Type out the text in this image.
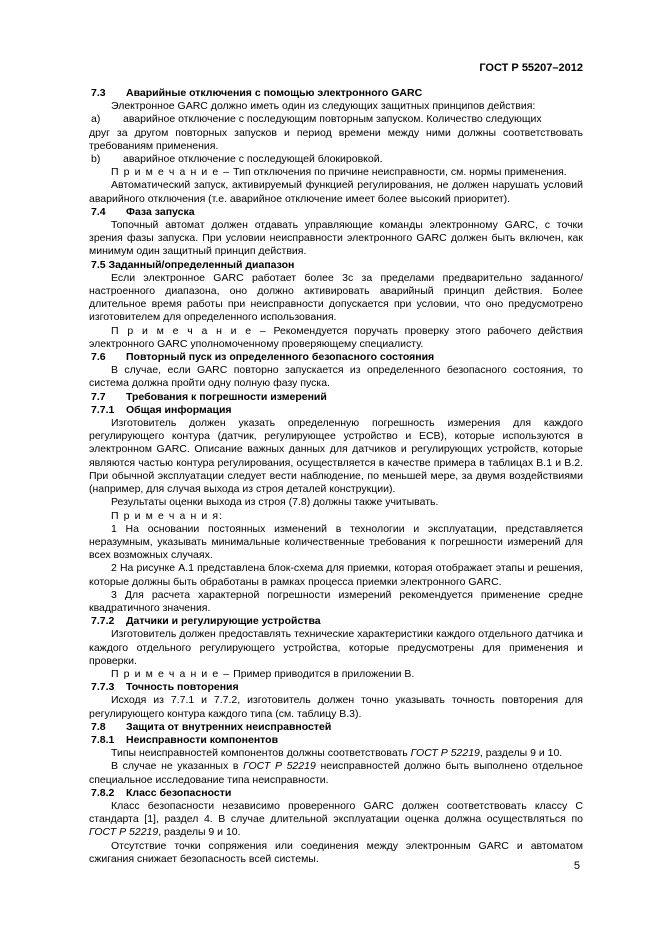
ГОСТ Р 55207–2012

7.3 Аварийные отключения с помощью электронного GARC

Электронное GARC должно иметь один из следующих защитных принципов действия:

a) аварийное отключение с последующим повторным запуском. Количество следующих

друг за другом повторных запусков и период времени между ними должны соответствовать требованиям применения.

b) аварийное отключение с последующей блокировкой.

П р и м е ч а н и е – Тип отключения по причине неисправности, см. нормы применения.

Автоматический запуск, активируемый функцией регулирования, не должен нарушать условий аварийного отключения (т.е. аварийное отключение имеет более высокий приоритет).

7.4 Фаза запуска

Топочный автомат должен отдавать управляющие команды электронному GARC, с точки зрения фазы запуска. При условии неисправности электронного GARC должен быть включен, как минимум один защитный принцип действия.

7.5 Заданный/определенный диапазон

Если электронное GARC работает более 3с за пределами предварительно заданного/настроенного диапазона, оно должно активировать аварийный принцип действия. Более длительное время работы при неисправности допускается при условии, что оно предусмотрено изготовителем для определенного использования.

П р и м е ч а н и е – Рекомендуется поручать проверку этого рабочего действия электронного GARC уполномоченному проверяющему специалисту.

7.6 Повторный пуск из определенного безопасного состояния

В случае, если GARC повторно запускается из определенного безопасного состояния, то система должна пройти одну полную фазу пуска.

7.7 Требования к погрешности измерений

7.7.1 Общая информация

Изготовитель должен указать определенную погрешность измерения для каждого регулирующего контура (датчик, регулирующее устройство и ECB), которые используются в электронном GARC. Описание важных данных для датчиков и регулирующих устройств, которые являются частью контура регулирования, осуществляется в качестве примера в таблицах В.1 и В.2. При обычной эксплуатации следует вести наблюдение, по меньшей мере, за двумя воздействиями (например, для случая выхода из строя деталей конструкции).

Результаты оценки выхода из строя (7.8) должны также учитывать.

П р и м е ч а н и я:

1 На основании постоянных изменений в технологии и эксплуатации, представляется неразумным, указывать минимальные количественные требования к погрешности измерений для всех возможных случаях.

2 На рисунке А.1 представлена блок-схема для приемки, которая отображает этапы и решения, которые должны быть обработаны в рамках процесса приемки электронного GARC.

3 Для расчета характерной погрешности измерений рекомендуется применение средне квадратичного значения.

7.7.2 Датчики и регулирующие устройства

Изготовитель должен предоставлять технические характеристики каждого отдельного датчика и каждого отдельного регулирующего устройства, которые предусмотрены для применения и проверки.

П р и м е ч а н и е – Пример приводится в приложении В.

7.7.3 Точность повторения

Исходя из 7.7.1 и 7.7.2, изготовитель должен точно указывать точность повторения для регулирующего контура каждого типа (см. таблицу В.3).

7.8 Защита от внутренних неисправностей

7.8.1 Неисправности компонентов

Типы неисправностей компонентов должны соответствовать ГОСТ Р 52219, разделы 9 и 10.

В случае не указанных в ГОСТ Р 52219 неисправностей должно быть выполнено отдельное специальное исследование типа неисправности.

7.8.2 Класс безопасности

Класс безопасности независимо проверенного GARC должен соответствовать классу С стандарта [1], раздел 4. В случае длительной эксплуатации оценка должна осуществляться по ГОСТ Р 52219, разделы 9 и 10.

Отсутствие точки сопряжения или соединения между электронным GARC и автоматом сжигания снижает безопасность всей системы.

5
